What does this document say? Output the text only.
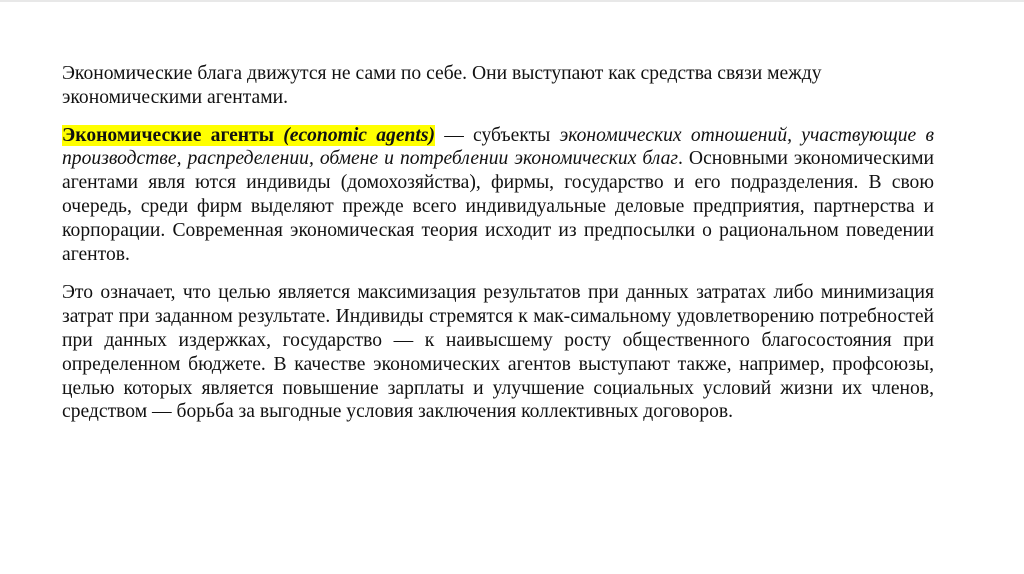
Экономические блага движутся не сами по себе. Они выступают как средства связи между экономическими агентами.

Экономические агенты (economic agents) — субъекты экономических отношений, участвующие в производстве, распределении, обмене и потреблении экономических благ. Основными экономическими агентами явля ются индивиды (домохозяйства), фирмы, государство и его подразделения. В свою очередь, среди фирм выделяют прежде всего индивидуальные деловые предприятия, партнерства и корпорации. Современная экономическая теория исходит из предпосылки о рациональном поведении агентов.

Это означает, что целью является максимизация результатов при данных затратах либо минимизация затрат при заданном результате. Индивиды стремятся к мак-симальному удовлетворению потребностей при данных издержках, государство — к наивысшему росту общественного благосостояния при определенном бюджете. В качестве экономических агентов выступают также, например, профсоюзы, целью которых является повышение зарплаты и улучшение социальных условий жизни их членов, средством — борьба за выгодные условия заключения коллективных договоров.
